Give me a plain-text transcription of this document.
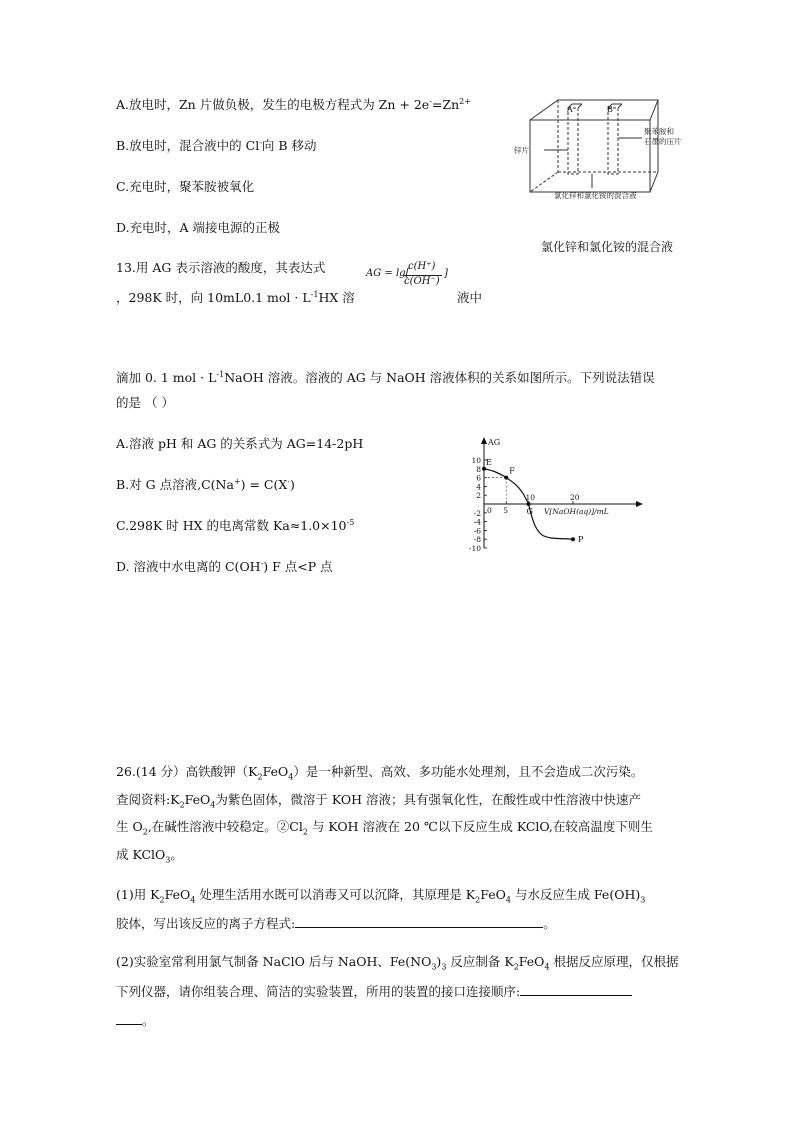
A.放电时，Zn 片做负极，发生的电极方程式为 $Zn + 2e^-=Zn^{2+}$
B.放电时，混合液中的 Cl-向 B 移动
C.充电时，聚苯胺被氧化
D.充电时，A 端接电源的正极
A	B
锌片
聚苯胺和
石墨的压片
氯化锌和氯化铵的混合液
氯化锌和氯化铵的混合液
13.用 AG 表示溶液的酸度，其表达式	AG = lg[
c(H⁺)
c(OH⁻)
]
，298K 时，向 10mL0.1 mol · $L^{-1}HX$ 溶	液中
滴加 0. 1 mol · $L^{-1}NaOH$ 溶液。溶液的 AG 与 NaOH 溶液体积的关系如图所示。下列说法错误
的是 （ ）
A.溶液 pH 和 AG 的关系式为 AG=14-2pH
B.对 G 点溶液,C(Na+) = C(X-)
C.298K 时 HX 的电离常数 $Ka\approx 1.0\times 10^{-5}$
D. 溶液中水电离的 C(OH-) F 点<P 点
10
8
6
4
2
-2
-4
-6
-8
-10
0 5
10	20
E
F
G
P
AG
V[NaOH(aq)]/mL
26.(14 分）高铁酸钾$(K_2FeO_4)$是一种新型、高效、多功能水处理剂，且不会造成二次污染。
查阅资料$:K_2FeO_4$为紫色固体，微溶于 KOH 溶液；具有强氧化性，在酸性或中性溶液中快速产
生 $O_2$,在碱性溶液中较稳定。$②Cl_2$ 与 KOH 溶液在 20 ℃以下反应生成 KClO,在较高温度下则生
成 KClO$_3$。
(1)用 $K_2FeO_4$ 处理生活用水既可以消毒又可以沉降，其原理是 $K_2FeO_4$ 与水反应生成 $Fe(OH)_3$
胶体，写出该反应的离子方程式:	。
(2)实验室常利用氯气制备 NaClO 后与 NaOH、$Fe(NO_3)_3$ 反应制备 $K_2FeO_4$ 根据反应原理，仅根据
下列仪器，请你组装合理、简洁的实验装置，所用的装置的接口连接顺序:
。
